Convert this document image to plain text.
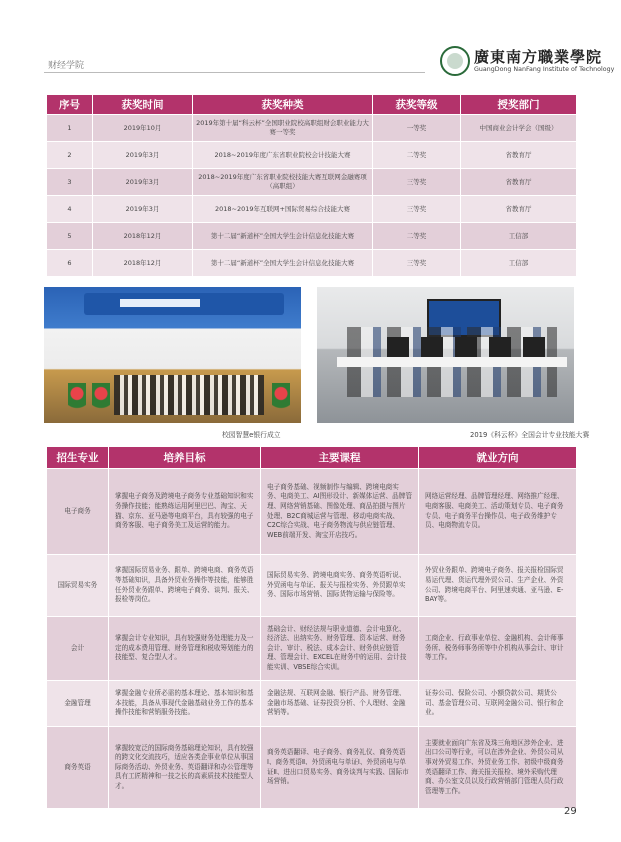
财经学院	廣東南方職業學院
GuangDong NanFang Institute of Technology
序号	获奖时间	获奖种类	获奖等级	授奖部门
1	2019年10月	2019年第十届“科云杯”全国职业院校高职组财会职业能力大赛一等奖	一等奖	中国商业会计学会（国级）
2	2019年3月	2018~2019年度广东省职业院校会计技能大赛	二等奖	省教育厅
3	2019年3月	2018~2019年度广东省职业院校技能大赛互联网金融赛项（高职组）	三等奖	省教育厅
4	2019年3月	2018~2019年互联网+国际贸易综合技能大赛	三等奖	省教育厅
5	2018年12月	第十二届“新道杯”全国大学生会计信息化技能大赛	二等奖	工信部
6	2018年12月	第十二届“新道杯”全国大学生会计信息化技能大赛	三等奖	工信部
校园智慧e银行成立	2019《科云杯》全国会计专业技能大赛
招生专业	培养目标	主要课程	就业方向
电子商务	掌握电子商务及跨境电子商务专业基础知识和实务操作技能；能熟练运用阿里巴巴、淘宝、天猫、京东、亚马逊等电商平台，具有较强的电子商务客服、电子商务美工及运营的能力。	电子商务基础、视频制作与编辑、跨境电商实务、电商美工、AI图形设计、新媒体运营、品牌管理、网络营销基础、图像处理、商品拍摄与图片处理、B2C商城运营与管理、移动电商实战、C2C综合实战、电子商务物流与供应链管理、WEB前端开发、淘宝开店技巧。	网络运营经理、品牌管理经理、网络推广经理、电商客服、电商美工、活动策划专员、电子商务专员、电子商务平台操作员、电子政务维护专员、电商物流专员。
国际贸易实务	掌握国际贸易业务、跟单、跨境电商、商务英语等基础知识，具备外贸业务操作等技能，能够胜任外贸业务跟单、跨境电子商务、谈判、报关、报检等岗位。	国际贸易实务、跨境电商实务、商务英语听说、外贸函电与单证、报关与报检实务、外贸跟单实务、国际市场营销、国际货物运输与保险等。	外贸业务跟单、跨境电子商务、报关报检国际贸易运代理、货运代理外贸公司、生产企业、外资公司、跨境电商平台、阿里速卖通、亚马逊、E-BAY等。
会计	掌握会计专业知识，具有较强财务处理能力及一定的成本费用管理、财务管理和税收筹划能力的技能型、复合型人才。	基础会计、财经法规与职业道德、会计电算化、经济法、出纳实务、财务管理、资本运营、财务会计、审计、税法、成本会计、财务供应链管理、管理会计、EXCEL在财务中的运用、会计技能实训、VBSE综合实训。	工商企业、行政事业单位、金融机构、会计师事务所、税务师事务所等中介机构从事会计、审计等工作。
金融管理	掌握金融专业所必需的基本理论、基本知识和基本技能，具备从事现代金融基础业务工作的基本操作技能和营销服务技能。	金融法规、互联网金融、银行产品、财务管理、金融市场基础、证券投资分析、个人理财、金融营销等。	证券公司、保险公司、小额贷款公司、期货公司、基金管理公司、互联网金融公司、银行和企业。
商务英语	掌握较宽泛的国际商务基础理论知识，具有较强的跨文化交流技巧，适应各类企事业单位从事国际商务活动、外贸业务、英语翻译和办公管理等具有工匠精神和一技之长的高素质技术技能型人才。	商务英语翻译、电子商务、商务礼仪、商务英语Ⅰ、商务英语Ⅱ、外贸函电与单证Ⅰ、外贸函电与单证Ⅱ、进出口贸易实务、商务谈判与实践、国际市场营销。	主要就业面向广东省及珠三角地区涉外企业、进出口公司等行业，可以在涉外企业、外贸公司从事对外贸易工作、外贸业务工作、初级中级商务英语翻译工作、海关报关报检、境外采购代理商、办公室文员以及行政营销部门管理人员行政管理等工作。
29
